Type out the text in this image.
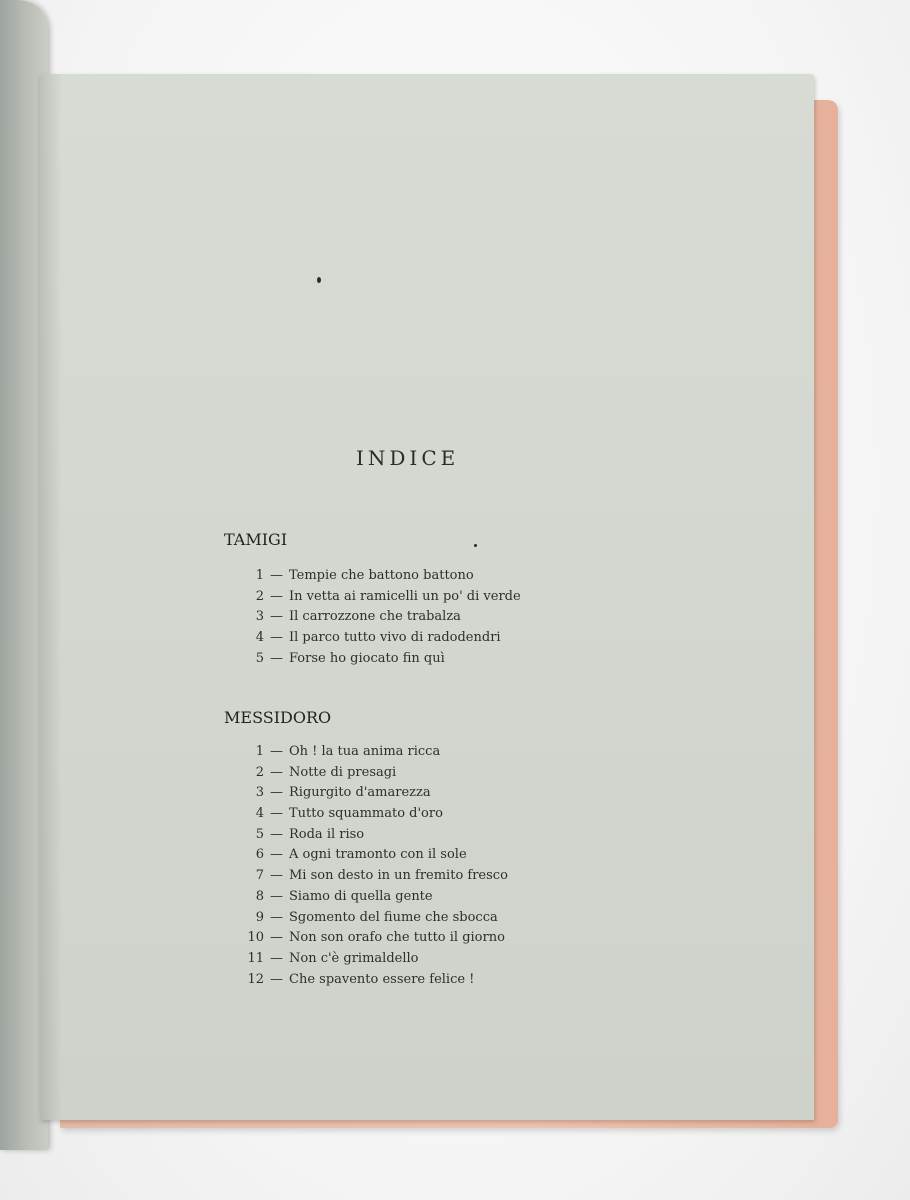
INDICE
TAMIGI
1 — Tempie che battono battono
2 — In vetta ai ramicelli un po' di verde
3 — Il carrozzone che trabalza
4 — Il parco tutto vivo di radodendri
5 — Forse ho giocato fin quì
MESSIDORO
1 — Oh ! la tua anima ricca
2 — Notte di presagi
3 — Rigurgito d'amarezza
4 — Tutto squammato d'oro
5 — Roda il riso
6 — A ogni tramonto con il sole
7 — Mi son desto in un fremito fresco
8 — Siamo di quella gente
9 — Sgomento del fiume che sbocca
10 — Non son orafo che tutto il giorno
11 — Non c'è grimaldello
12 — Che spavento essere felice !
